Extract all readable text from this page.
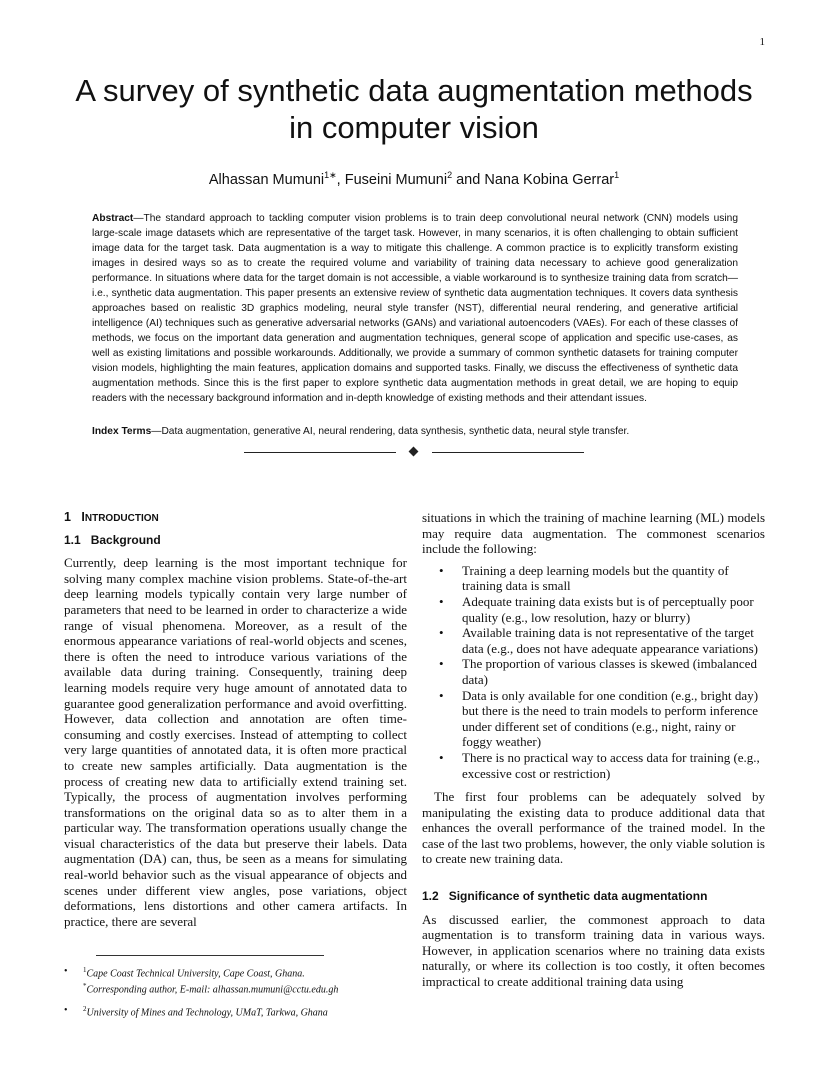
1
A survey of synthetic data augmentation methods in computer vision
Alhassan Mumuni$^{1∗}$, Fuseini Mumuni$^2$ and Nana Kobina Gerrar$^1$

Abstract—The standard approach to tackling computer vision problems is to train deep convolutional neural network (CNN) models using large-scale image datasets which are representative of the target task. However, in many scenarios, it is often challenging to obtain sufficient image data for the target task. Data augmentation is a way to mitigate this challenge. A common practice is to explicitly transform existing images in desired ways so as to create the required volume and variability of training data necessary to achieve good generalization performance. In situations where data for the target domain is not accessible, a viable workaround is to synthesize training data from scratch—i.e., synthetic data augmentation. This paper presents an extensive review of synthetic data augmentation techniques. It covers data synthesis approaches based on realistic 3D graphics modeling, neural style transfer (NST), differential neural rendering, and generative artificial intelligence (AI) techniques such as generative adversarial networks (GANs) and variational autoencoders (VAEs). For each of these classes of methods, we focus on the important data generation and augmentation techniques, general scope of application and specific use-cases, as well as existing limitations and possible workarounds. Additionally, we provide a summary of common synthetic datasets for training computer vision models, highlighting the main features, application domains and supported tasks. Finally, we discuss the effectiveness of synthetic data augmentation methods. Since this is the first paper to explore synthetic data augmentation methods in great detail, we are hoping to equip readers with the necessary background information and in-depth knowledge of existing methods and their attendant issues.

Index Terms—Data augmentation, generative AI, neural rendering, data synthesis, synthetic data, neural style transfer.

1 INTRODUCTION
1.1 Background

Currently, deep learning is the most important technique for solving many complex machine vision problems. State-of-the-art deep learning models typically contain very large number of parameters that need to be learned in order to characterize a wide range of visual phenomena. Moreover, as a result of the enormous appearance variations of real-world objects and scenes, there is often the need to introduce various variations of the available data during training. Consequently, training deep learning models require very huge amount of annotated data to guarantee good generalization performance and avoid overfitting. However, data collection and annotation are often time-consuming and costly exercises. Instead of attempting to collect very large quantities of annotated data, it is often more practical to create new samples artificially. Data augmentation is the process of creating new data to artificially extend training set. Typically, the process of augmentation involves performing transformations on the original data so as to alter them in a particular way. The transformation operations usually change the visual characteristics of the data but preserve their labels. Data augmentation (DA) can, thus, be seen as a means for simulating real-world behavior such as the visual appearance of objects and scenes under different view angles, pose variations, object deformations, lens distortions and other camera artifacts. In practice, there are several

situations in which the training of machine learning (ML) models may require data augmentation. The commonest scenarios include the following:

• Training a deep learning models but the quantity of training data is small
• Adequate training data exists but is of perceptually poor quality (e.g., low resolution, hazy or blurry)
• Available training data is not representative of the target data (e.g., does not have adequate appearance variations)
• The proportion of various classes is skewed (imbalanced data)
• Data is only available for one condition (e.g., bright day) but there is the need to train models to perform inference under different set of conditions (e.g., night, rainy or foggy weather)
• There is no practical way to access data for training (e.g., excessive cost or restriction)

The first four problems can be adequately solved by manipulating the existing data to produce additional data that enhances the overall performance of the trained model. In the case of the last two problems, however, the only viable solution is to create new training data.

1.2 Significance of synthetic data augmentationn

As discussed earlier, the commonest approach to data augmentation is to transform training data in various ways. However, in application scenarios where no training data exists naturally, or where its collection is too costly, it often becomes impractical to create additional training data using

• $^1$Cape Coast Technical University, Cape Coast, Ghana.
*Corresponding author, E-mail: alhassan.mumuni@cctu.edu.gh
• $^2$University of Mines and Technology, UMaT, Tarkwa, Ghana
